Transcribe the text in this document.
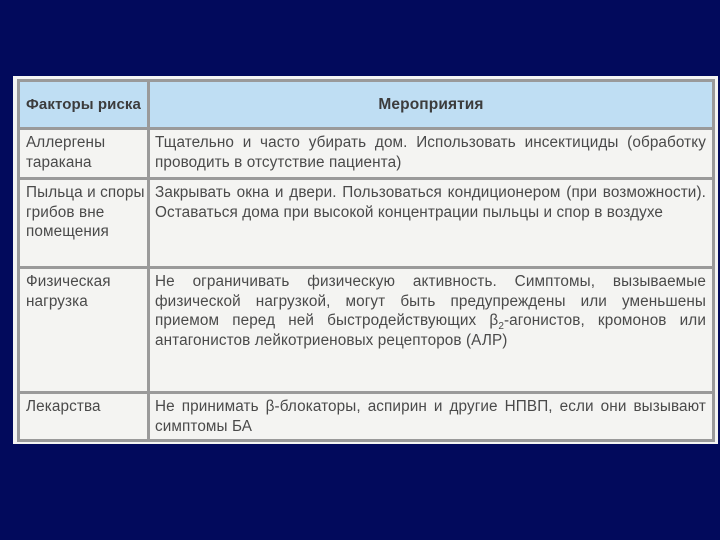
Факторы риска	Мероприятия
Аллергены таракана	Тщательно и часто убирать дом. Использовать инсектициды (обработку проводить в отсутствие пациента)
Пыльца и споры грибов вне помещения	Закрывать окна и двери. Пользоваться кондиционером (при возможности). Оставаться дома при высокой концентрации пыльцы и спор в воздухе
Физическая нагрузка	Не ограничивать физическую активность. Симптомы, вызываемые физической нагрузкой, могут быть предупреждены или уменьшены приемом перед ней быстродействующих $\beta_2$-агонистов, кромонов или антагонистов лейкотриеновых рецепторов (АЛР)
Лекарства	Не принимать β-блокаторы, аспирин и другие НПВП, если они вызывают симптомы БА
